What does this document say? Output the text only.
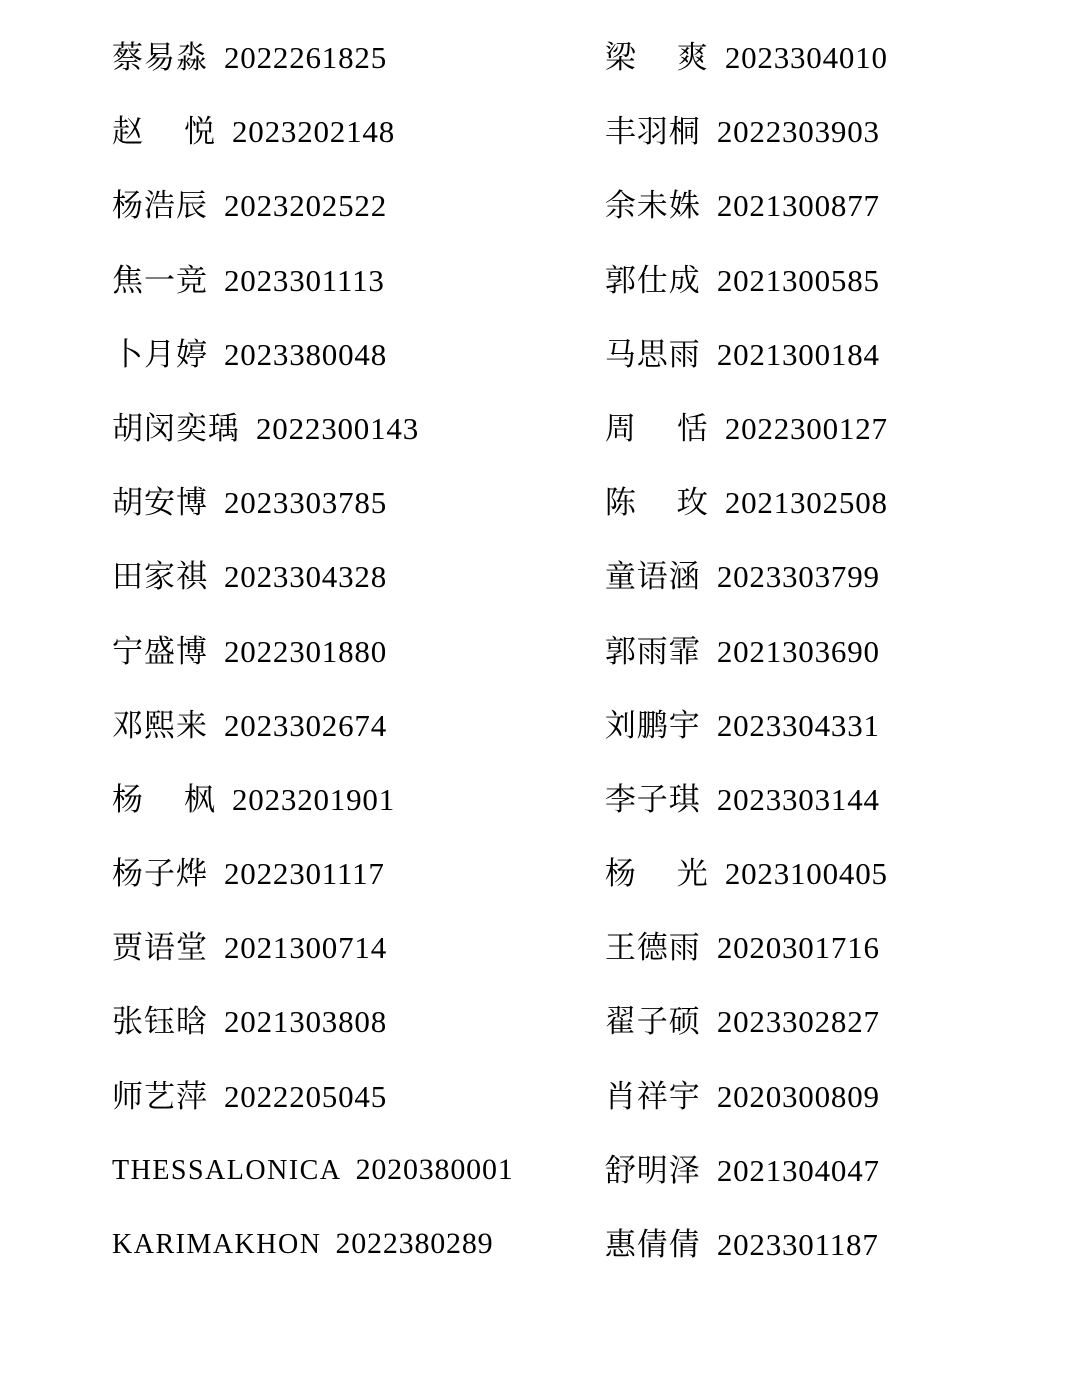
蔡易淼 2022261825
赵悦 2023202148
杨浩辰 2023202522
焦一竞 2023301113
卜月婷 2023380048
胡闵奕瑀 2022300143
胡安博 2023303785
田家祺 2023304328
宁盛博 2022301880
邓熙来 2023302674
杨枫 2023201901
杨子烨 2022301117
贾语堂 2021300714
张钰晗 2021303808
师艺萍 2022205045
THESSALONICA 2020380001
KARIMAKHON 2022380289
梁爽 2023304010
丰羽桐 2022303903
余未姝 2021300877
郭仕成 2021300585
马思雨 2021300184
周恬 2022300127
陈玫 2021302508
童语涵 2023303799
郭雨霏 2021303690
刘鹏宇 2023304331
李子琪 2023303144
杨光 2023100405
王德雨 2020301716
翟子硕 2023302827
肖祥宇 2020300809
舒明泽 2021304047
惠倩倩 2023301187
